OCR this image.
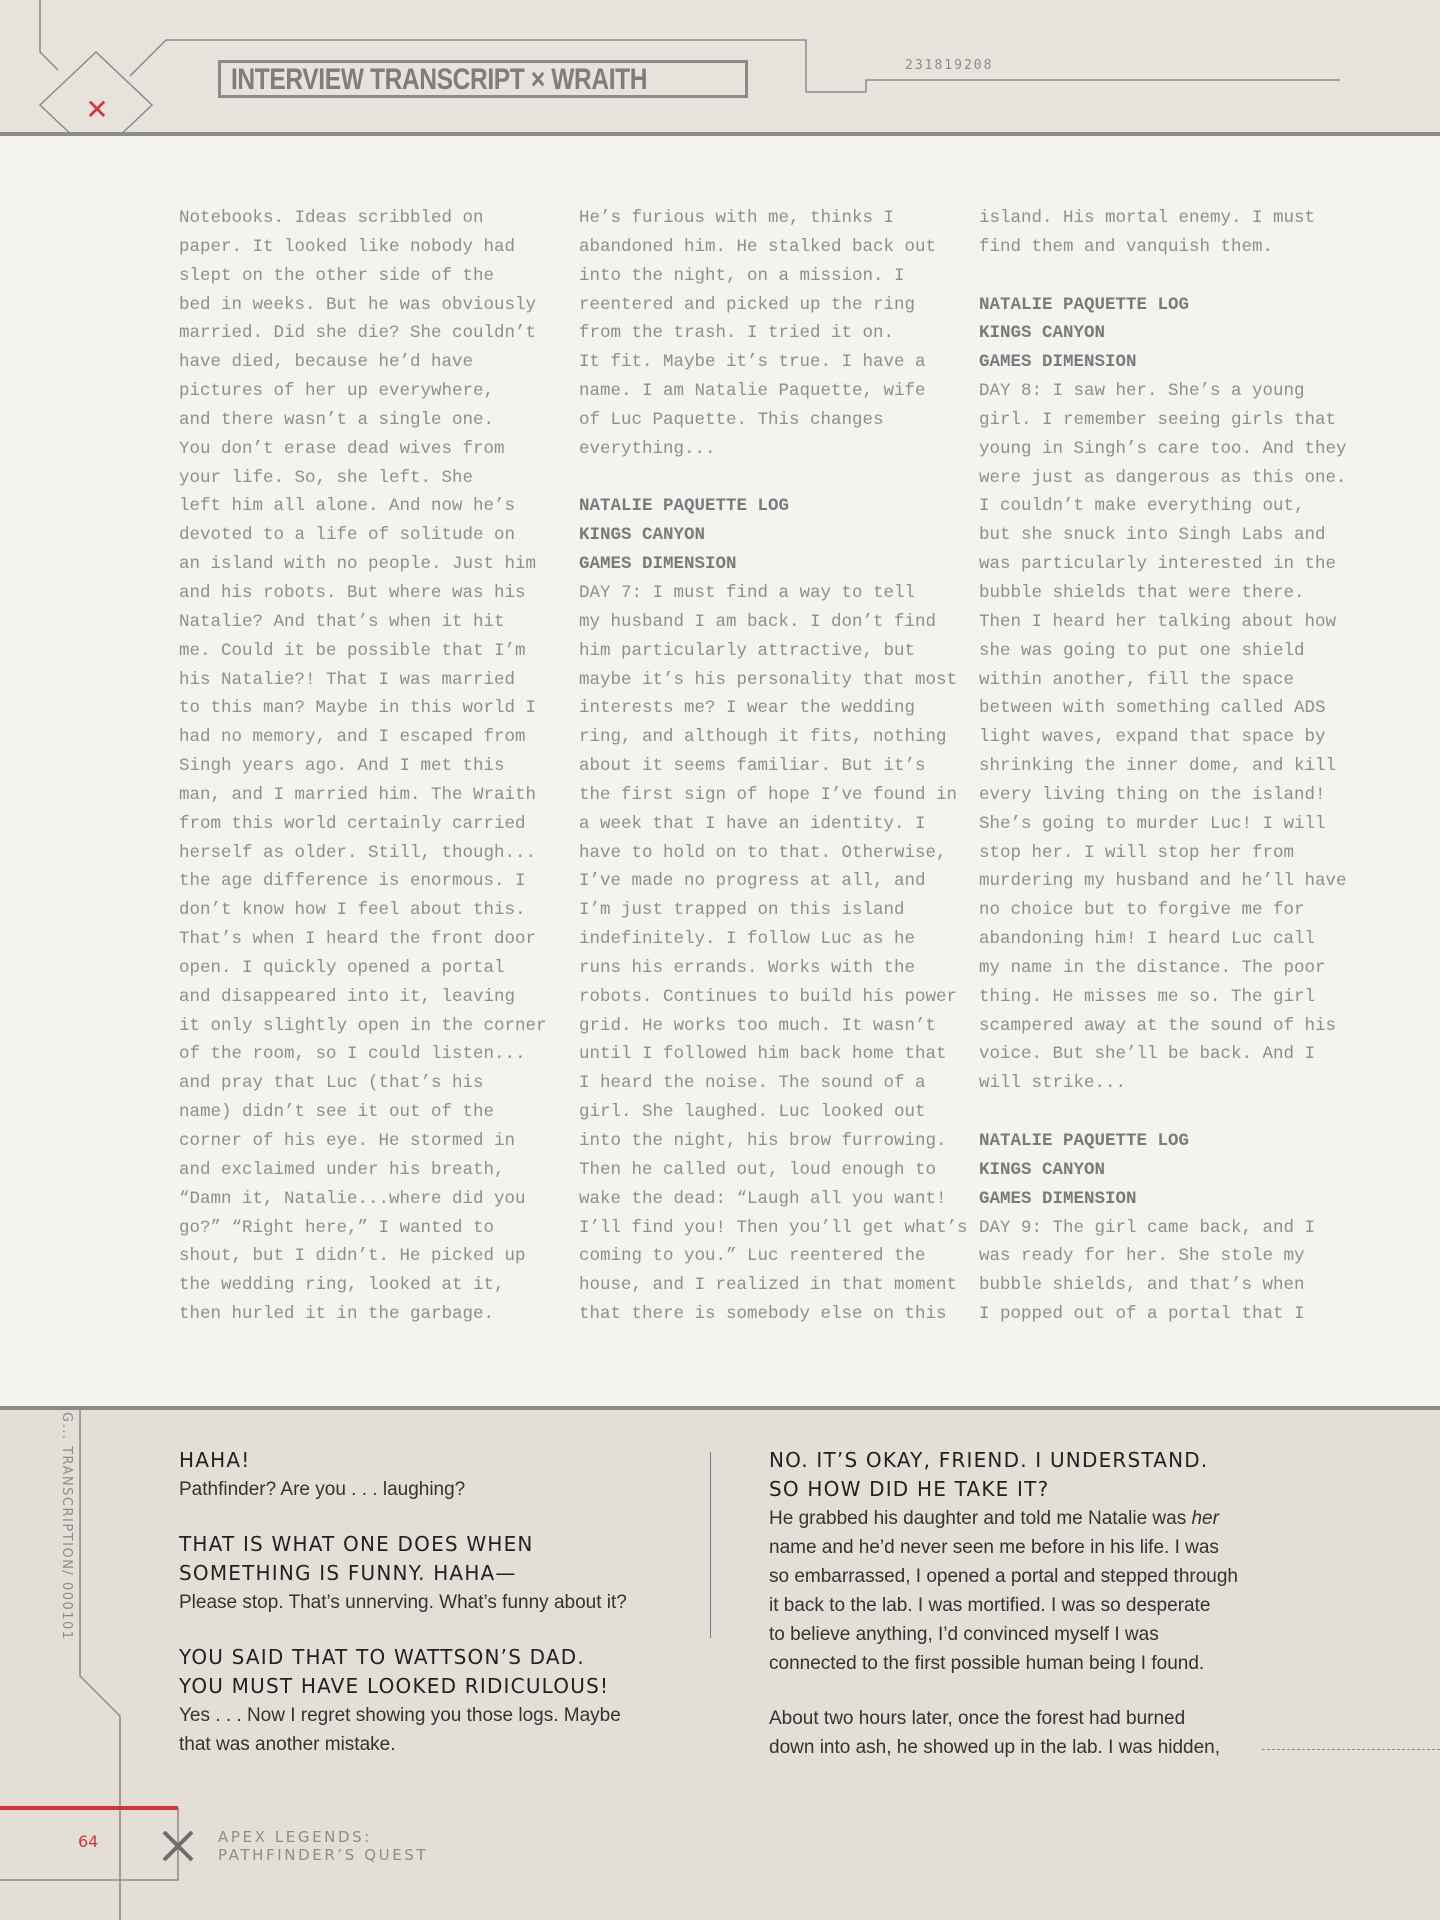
✕
INTERVIEW TRANSCRIPT × WRAITH	231819208
Notebooks. Ideas scribbled on
paper. It looked like nobody had
slept on the other side of the
bed in weeks. But he was obviously
married. Did she die? She couldn’t
have died, because he’d have
pictures of her up everywhere,
and there wasn’t a single one.
You don’t erase dead wives from
your life. So, she left. She
left him all alone. And now he’s
devoted to a life of solitude on
an island with no people. Just him
and his robots. But where was his
Natalie? And that’s when it hit
me. Could it be possible that I’m
his Natalie?! That I was married
to this man? Maybe in this world I
had no memory, and I escaped from
Singh years ago. And I met this
man, and I married him. The Wraith
from this world certainly carried
herself as older. Still, though...
the age difference is enormous. I
don’t know how I feel about this.
That’s when I heard the front door
open. I quickly opened a portal
and disappeared into it, leaving
it only slightly open in the corner
of the room, so I could listen...
and pray that Luc (that’s his
name) didn’t see it out of the
corner of his eye. He stormed in
and exclaimed under his breath,
“Damn it, Natalie...where did you
go?” “Right here,” I wanted to
shout, but I didn’t. He picked up
the wedding ring, looked at it,
then hurled it in the garbage.
He’s furious with me, thinks I
abandoned him. He stalked back out
into the night, on a mission. I
reentered and picked up the ring
from the trash. I tried it on.
It fit. Maybe it’s true. I have a
name. I am Natalie Paquette, wife
of Luc Paquette. This changes
everything...
NATALIE PAQUETTE LOG
KINGS CANYON
GAMES DIMENSION
DAY 7: I must find a way to tell
my husband I am back. I don’t find
him particularly attractive, but
maybe it’s his personality that most
interests me? I wear the wedding
ring, and although it fits, nothing
about it seems familiar. But it’s
the first sign of hope I’ve found in
a week that I have an identity. I
have to hold on to that. Otherwise,
I’ve made no progress at all, and
I’m just trapped on this island
indefinitely. I follow Luc as he
runs his errands. Works with the
robots. Continues to build his power
grid. He works too much. It wasn’t
until I followed him back home that
I heard the noise. The sound of a
girl. She laughed. Luc looked out
into the night, his brow furrowing.
Then he called out, loud enough to
wake the dead: “Laugh all you want!
I’ll find you! Then you’ll get what’s
coming to you.” Luc reentered the
house, and I realized in that moment
that there is somebody else on this
island. His mortal enemy. I must
find them and vanquish them.
NATALIE PAQUETTE LOG
KINGS CANYON
GAMES DIMENSION
DAY 8: I saw her. She’s a young
girl. I remember seeing girls that
young in Singh’s care too. And they
were just as dangerous as this one.
I couldn’t make everything out,
but she snuck into Singh Labs and
was particularly interested in the
bubble shields that were there.
Then I heard her talking about how
she was going to put one shield
within another, fill the space
between with something called ADS
light waves, expand that space by
shrinking the inner dome, and kill
every living thing on the island!
She’s going to murder Luc! I will
stop her. I will stop her from
murdering my husband and he’ll have
no choice but to forgive me for
abandoning him! I heard Luc call
my name in the distance. The poor
thing. He misses me so. The girl
scampered away at the sound of his
voice. But she’ll be back. And I
will strike...
NATALIE PAQUETTE LOG
KINGS CANYON
GAMES DIMENSION
DAY 9: The girl came back, and I
was ready for her. She stole my
bubble shields, and that’s when
I popped out of a portal that I
G... TRANSCRIPTION/ 000101	HAHA!
Pathfinder? Are you . . . laughing?
THAT IS WHAT ONE DOES WHEN
SOMETHING IS FUNNY. HAHA—
Please stop. That’s unnerving. What’s funny about it?
YOU SAID THAT TO WATTSON’S DAD.
YOU MUST HAVE LOOKED RIDICULOUS!
Yes . . . Now I regret showing you those logs. Maybe
that was another mistake.
NO. IT’S OKAY, FRIEND. I UNDERSTAND.
SO HOW DID HE TAKE IT?
He grabbed his daughter and told me Natalie was her
name and he’d never seen me before in his life. I was
so embarrassed, I opened a portal and stepped through
it back to the lab. I was mortified. I was so desperate
to believe anything, I’d convinced myself I was
connected to the first possible human being I found.
About two hours later, once the forest had burned
down into ash, he showed up in the lab. I was hidden,
64	APEX LEGENDS:
PATHFINDER’S QUEST
